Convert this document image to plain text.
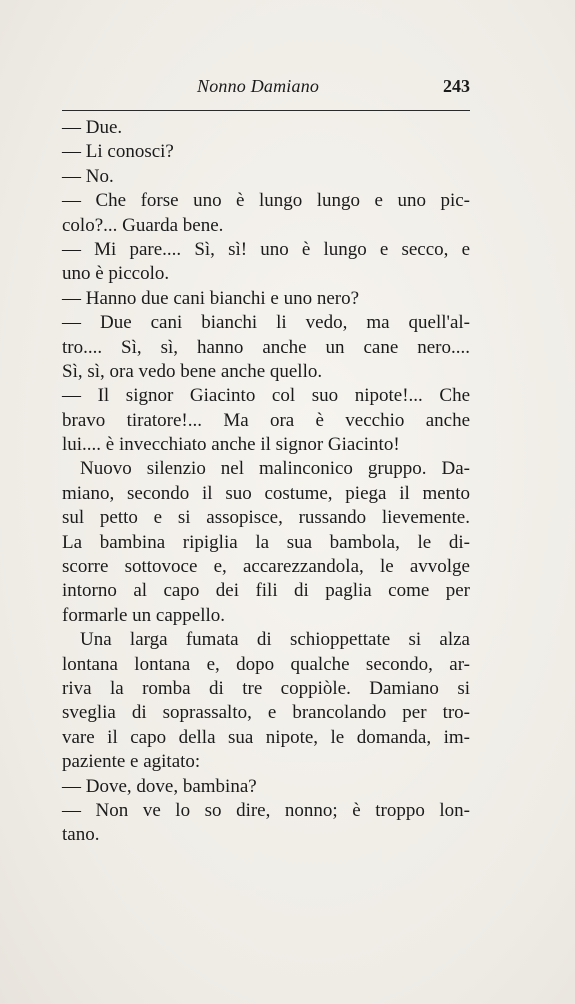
Nonno Damiano	243
— Due.
— Li conosci?
— No.
— Che forse uno è lungo lungo e uno pic-
colo?... Guarda bene.
— Mi pare.... Sì, sì! uno è lungo e secco, e
uno è piccolo.
— Hanno due cani bianchi e uno nero?
— Due cani bianchi li vedo, ma quell'al-
tro.... Sì, sì, hanno anche un cane nero....
Sì, sì, ora vedo bene anche quello.
— Il signor Giacinto col suo nipote!... Che
bravo tiratore!... Ma ora è vecchio anche
lui.... è invecchiato anche il signor Giacinto!
Nuovo silenzio nel malinconico gruppo. Da-
miano, secondo il suo costume, piega il mento
sul petto e si assopisce, russando lievemente.
La bambina ripiglia la sua bambola, le di-
scorre sottovoce e, accarezzandola, le avvolge
intorno al capo dei fili di paglia come per
formarle un cappello.
Una larga fumata di schioppettate si alza
lontana lontana e, dopo qualche secondo, ar-
riva la romba di tre coppiòle. Damiano si
sveglia di soprassalto, e brancolando per tro-
vare il capo della sua nipote, le domanda, im-
paziente e agitato:
— Dove, dove, bambina?
— Non ve lo so dire, nonno; è troppo lon-
tano.
